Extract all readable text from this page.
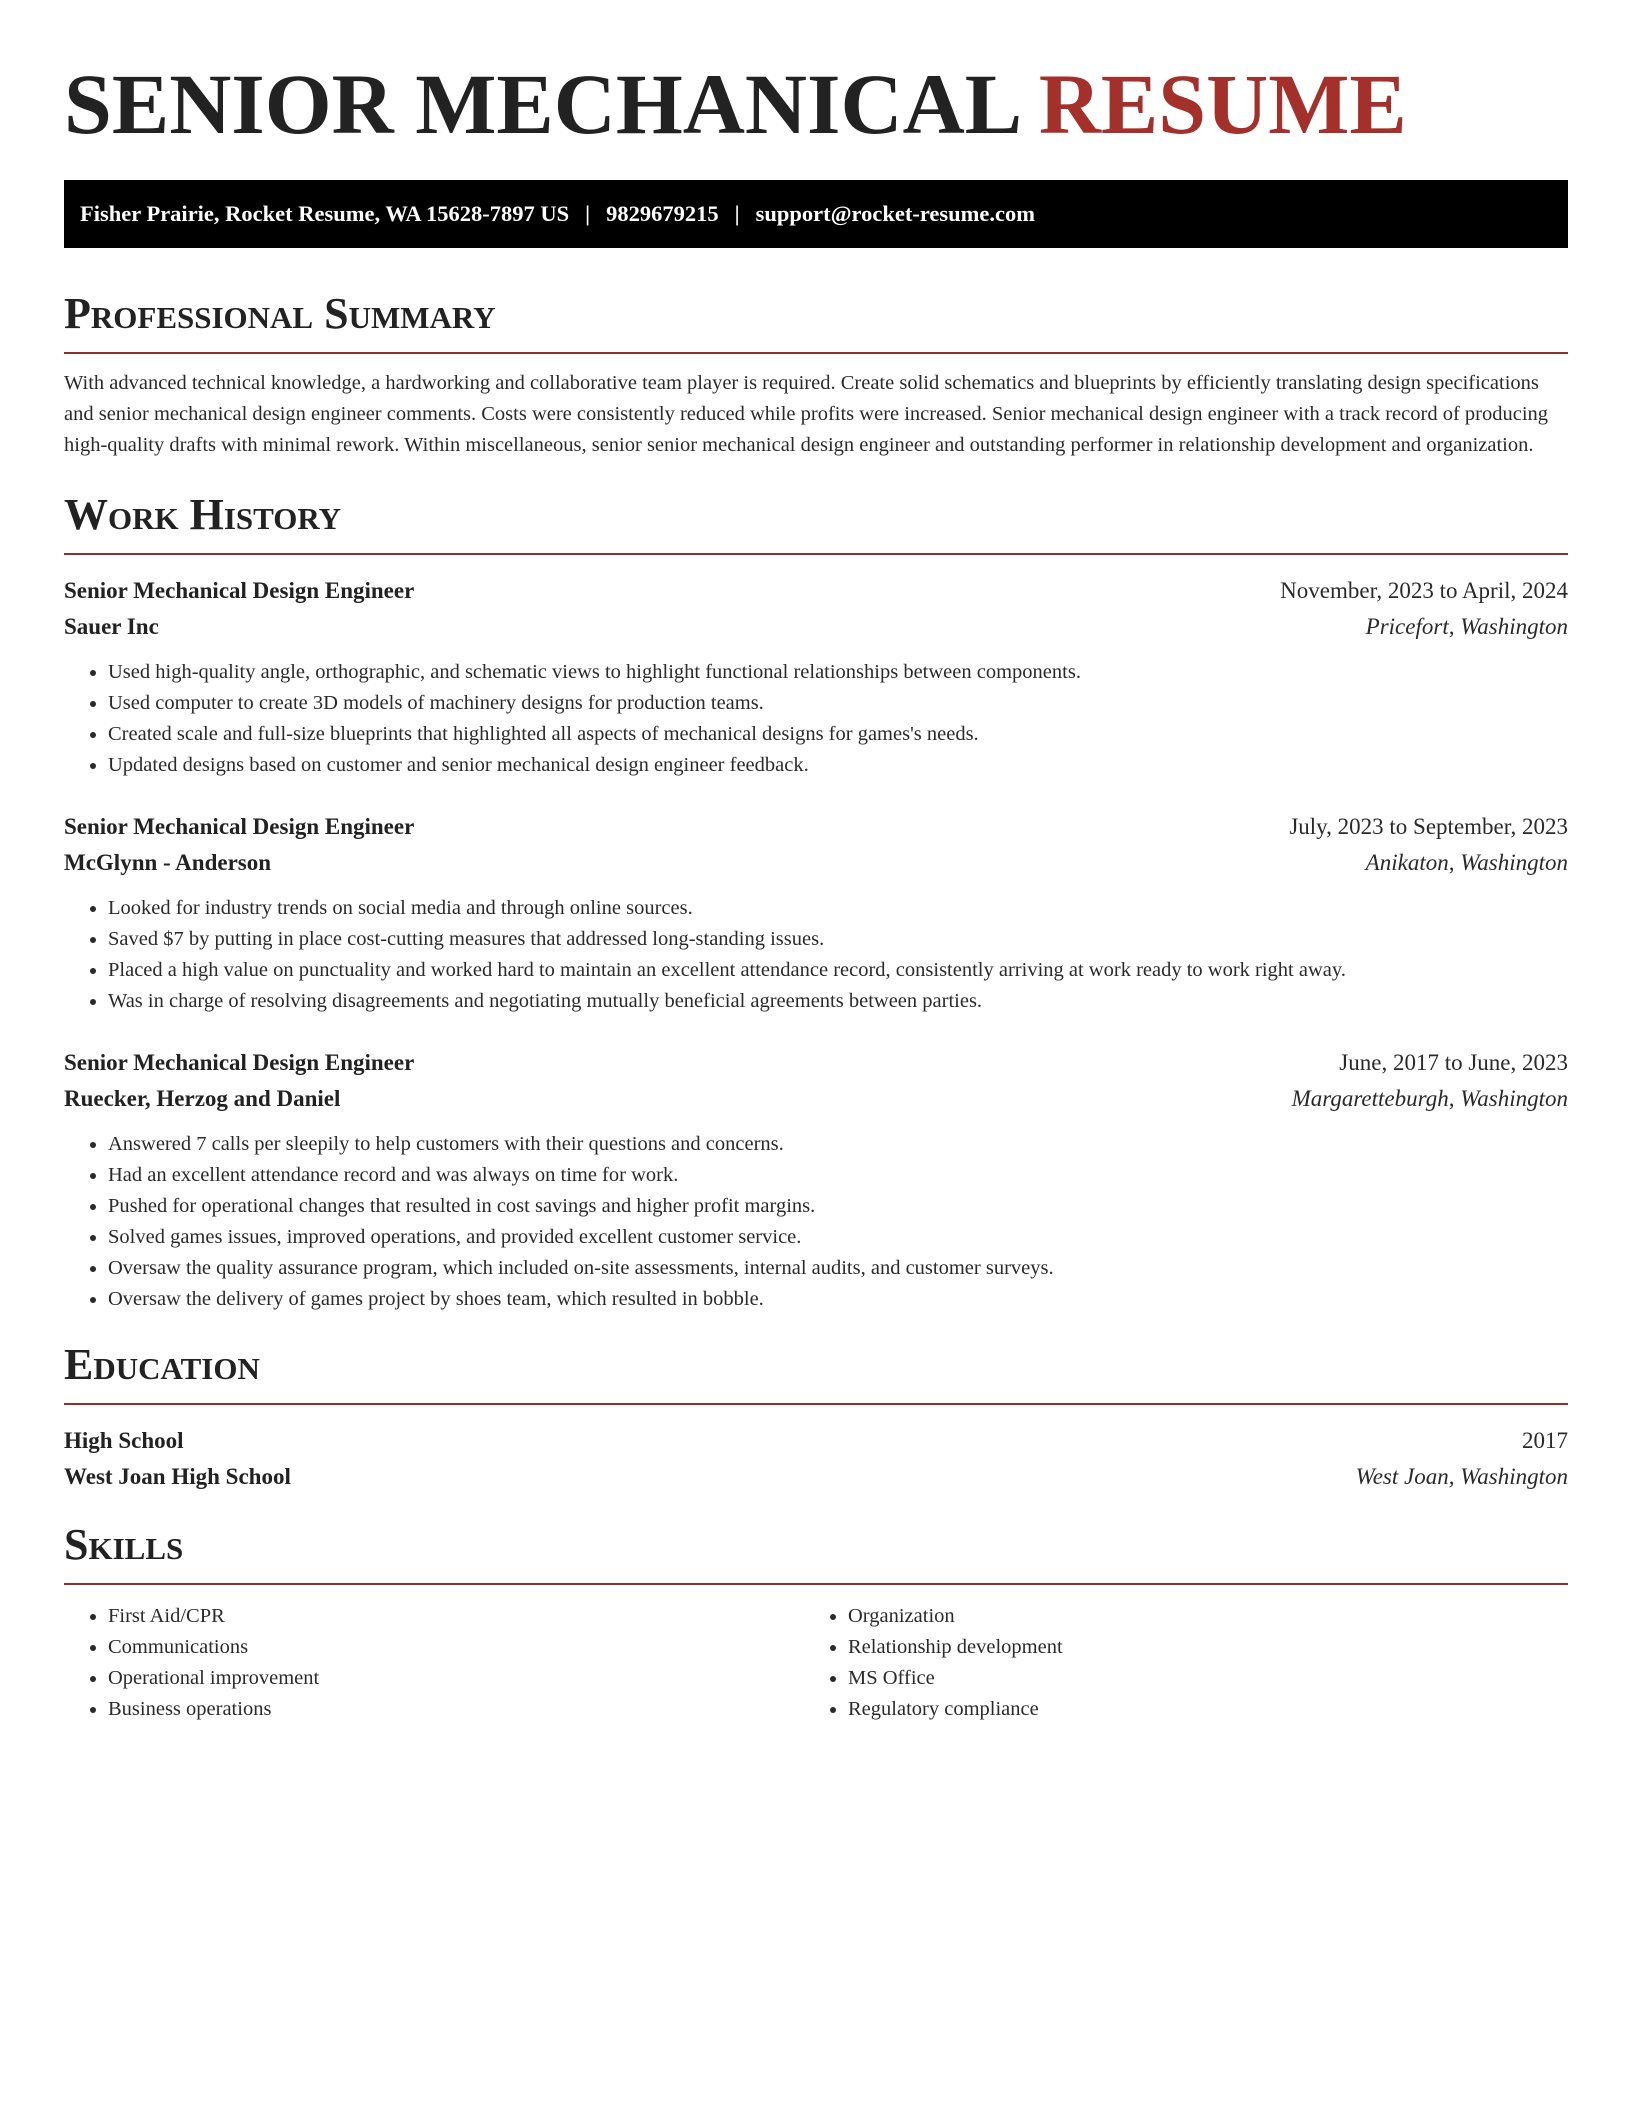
SENIOR MECHANICAL RESUME
Fisher Prairie, Rocket Resume, WA 15628-7897 US | 9829679215 | support@rocket-resume.com
Professional Summary

With advanced technical knowledge, a hardworking and collaborative team player is required. Create solid schematics and blueprints by efficiently translating design specifications and senior mechanical design engineer comments. Costs were consistently reduced while profits were increased. Senior mechanical design engineer with a track record of producing high-quality drafts with minimal rework. Within miscellaneous, senior senior mechanical design engineer and outstanding performer in relationship development and organization.

Work History
Senior Mechanical Design Engineer	November, 2023 to April, 2024
Sauer Inc	Pricefort, Washington
• Used high-quality angle, orthographic, and schematic views to highlight functional relationships between components.
• Used computer to create 3D models of machinery designs for production teams.
• Created scale and full-size blueprints that highlighted all aspects of mechanical designs for games's needs.
• Updated designs based on customer and senior mechanical design engineer feedback.
Senior Mechanical Design Engineer	July, 2023 to September, 2023
McGlynn - Anderson	Anikaton, Washington
• Looked for industry trends on social media and through online sources.
• Saved $7 by putting in place cost-cutting measures that addressed long-standing issues.
• Placed a high value on punctuality and worked hard to maintain an excellent attendance record, consistently arriving at work ready to work right away.
• Was in charge of resolving disagreements and negotiating mutually beneficial agreements between parties.
Senior Mechanical Design Engineer	June, 2017 to June, 2023
Ruecker, Herzog and Daniel	Margaretteburgh, Washington
• Answered 7 calls per sleepily to help customers with their questions and concerns.
• Had an excellent attendance record and was always on time for work.
• Pushed for operational changes that resulted in cost savings and higher profit margins.
• Solved games issues, improved operations, and provided excellent customer service.
• Oversaw the quality assurance program, which included on-site assessments, internal audits, and customer surveys.
• Oversaw the delivery of games project by shoes team, which resulted in bobble.
Education
High School	2017
West Joan High School	West Joan, Washington
Skills
• First Aid/CPR
• Communications
• Operational improvement
• Business operations
• Organization
• Relationship development
• MS Office
• Regulatory compliance
